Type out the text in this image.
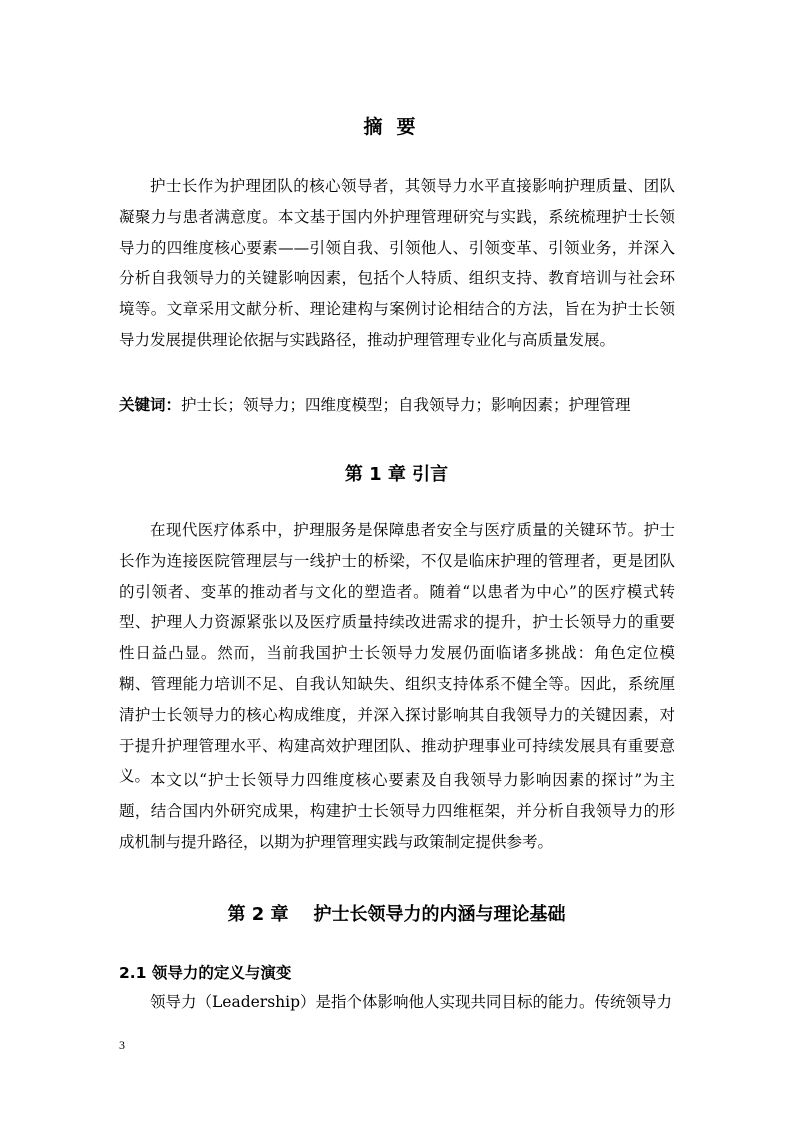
摘要

护士长作为护理团队的核心领导者，其领导力水平直接影响护理质量、团队凝聚力与患者满意度。本文基于国内外护理管理研究与实践，系统梳理护士长领导力的四维度核心要素——引领自我、引领他人、引领变革、引领业务，并深入分析自我领导力的关键影响因素，包括个人特质、组织支持、教育培训与社会环境等。文章采用文献分析、理论建构与案例讨论相结合的方法，旨在为护士长领导力发展提供理论依据与实践路径，推动护理管理专业化与高质量发展。

关键词：护士长；领导力；四维度模型；自我领导力；影响因素；护理管理

第 1 章 引言

在现代医疗体系中，护理服务是保障患者安全与医疗质量的关键环节。护士长作为连接医院管理层与一线护士的桥梁，不仅是临床护理的管理者，更是团队的引领者、变革的推动者与文化的塑造者。随着“以患者为中心”的医疗模式转型、护理人力资源紧张以及医疗质量持续改进需求的提升，护士长领导力的重要性日益凸显。然而，当前我国护士长领导力发展仍面临诸多挑战：角色定位模糊、管理能力培训不足、自我认知缺失、组织支持体系不健全等。因此，系统厘清护士长领导力的核心构成维度，并深入探讨影响其自我领导力的关键因素，对于提升护理管理水平、构建高效护理团队、推动护理事业可持续发展具有重要意义。 本文以“护士长领导力四维度核心要素及自我领导力影响因素的探讨”为主题，结合国内外研究成果，构建护士长领导力四维框架，并分析自我领导力的形成机制与提升路径，以期为护理管理实践与政策制定提供参考。

第 2 章    护士长领导力的内涵与理论基础
2.1 领导力的定义与演变

领导力（Leadership）是指个体影响他人实现共同目标的能力。传统领导力

3
